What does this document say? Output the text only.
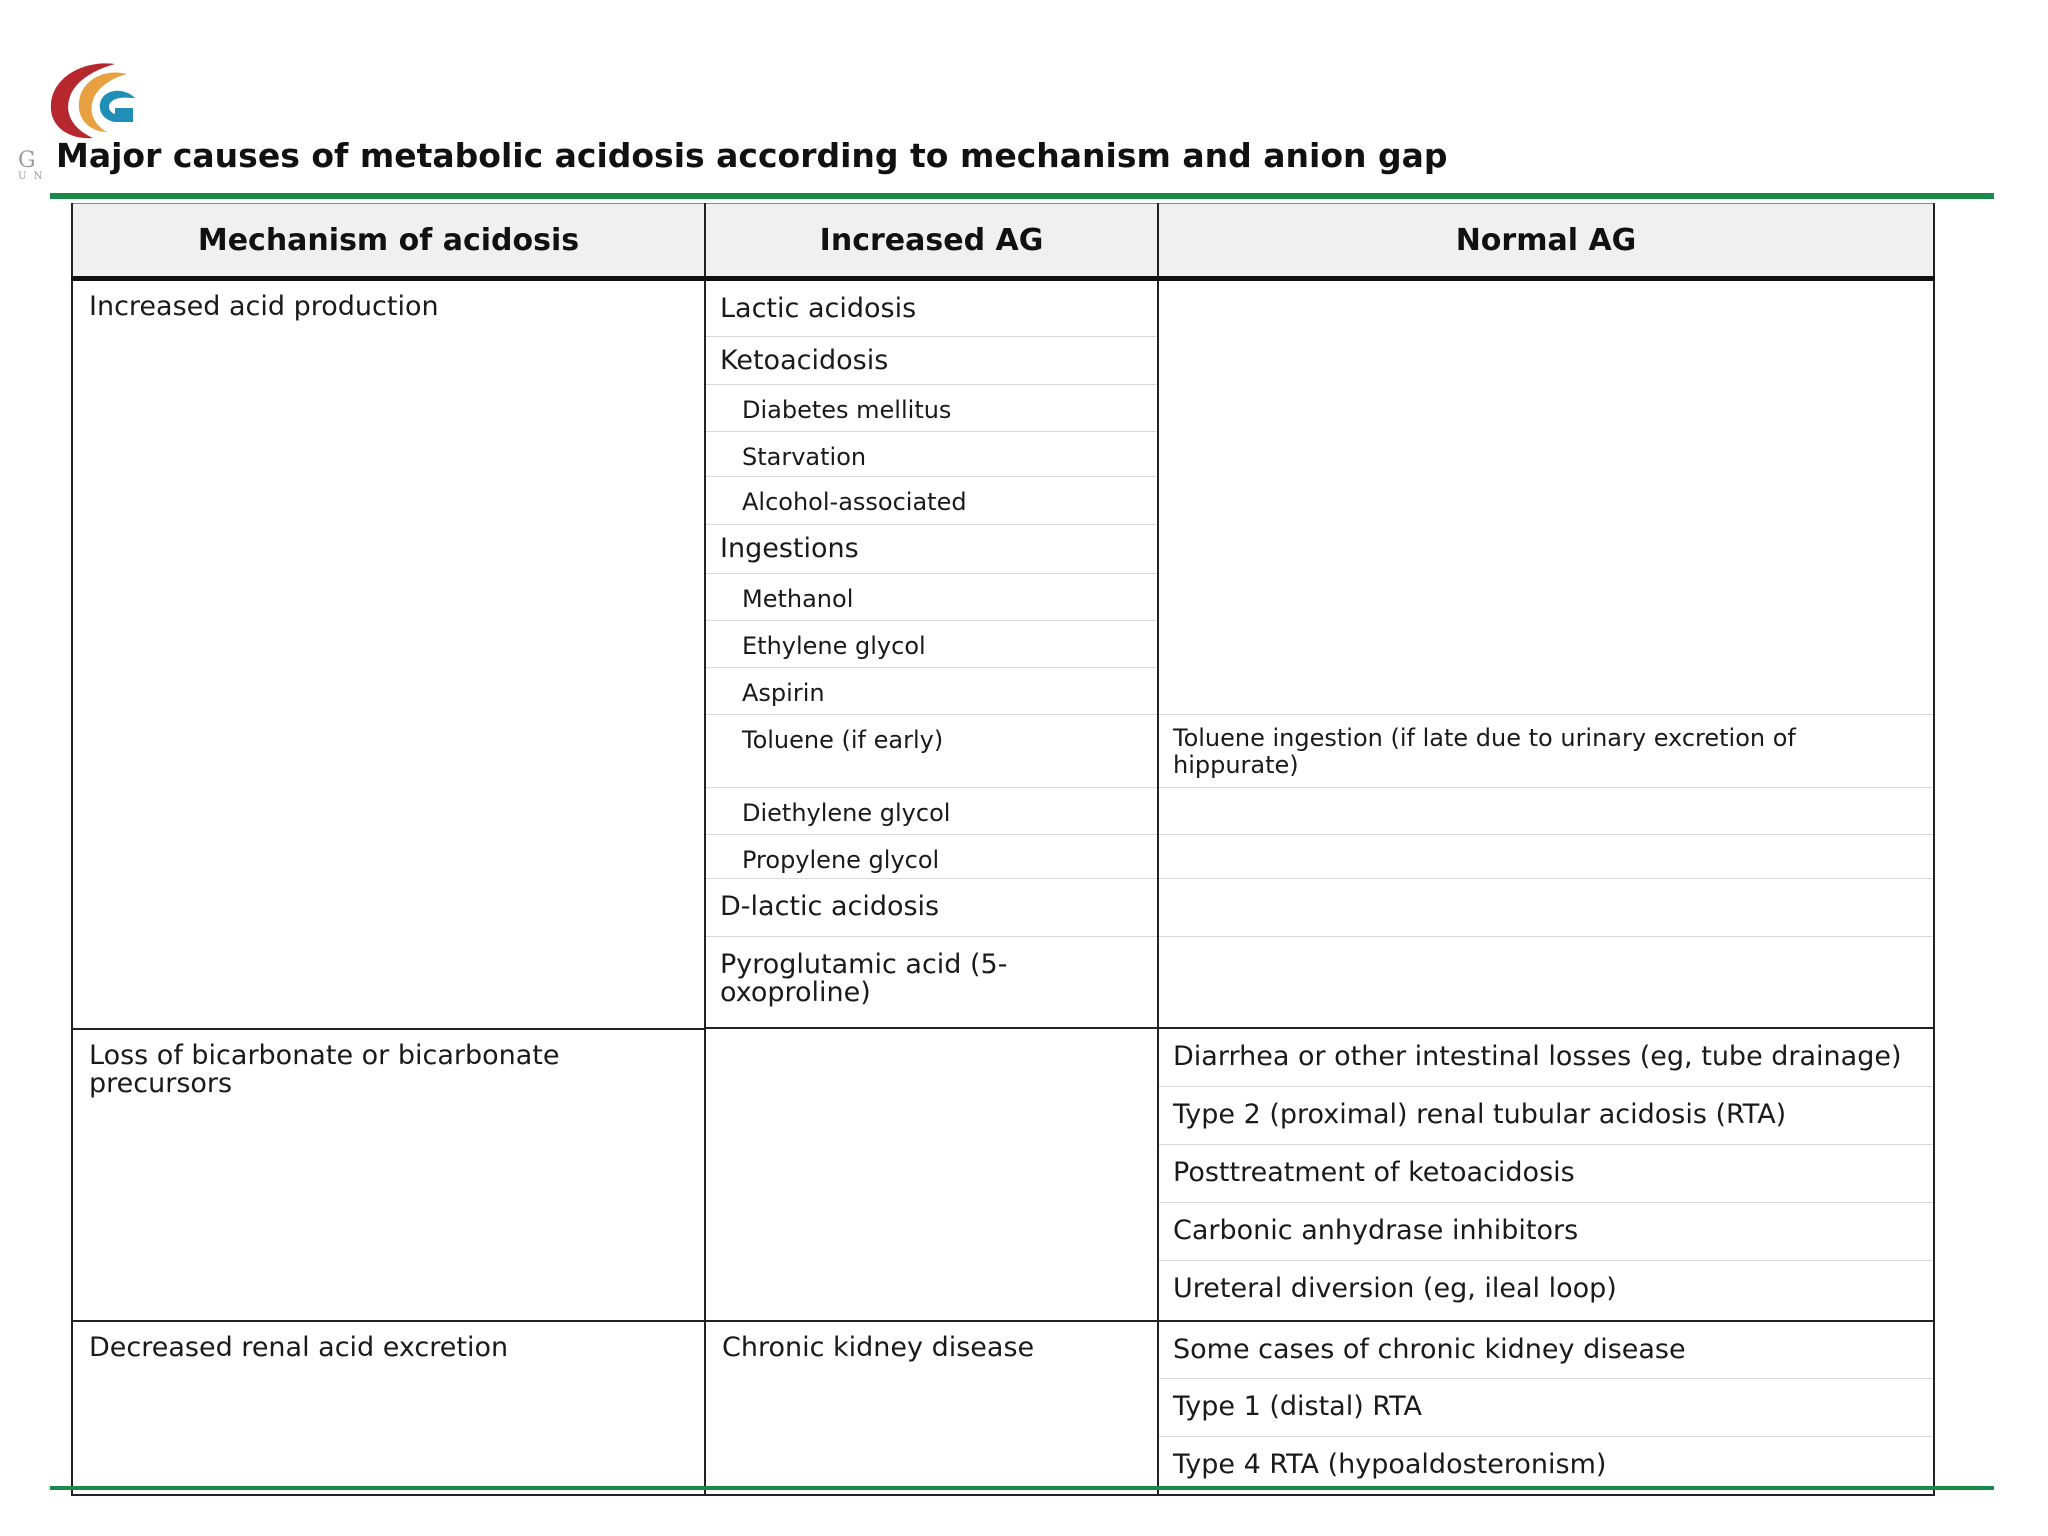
G
U N
Major causes of metabolic acidosis according to mechanism and anion gap
Mechanism of acidosis	Increased AG	Normal AG
Increased acid production	Lactic acidosis	
	Ketoacidosis	
	Diabetes mellitus	
	Starvation	
	Alcohol-associated	
	Ingestions	
	Methanol	
	Ethylene glycol	
	Aspirin	
	Toluene (if early)	Toluene ingestion (if late due to urinary excretion of hippurate)
	Diethylene glycol	
	Propylene glycol	
	D-lactic acidosis	
	Pyroglutamic acid (5-oxoproline)	

Loss of bicarbonate or bicarbonate precursors		Diarrhea or other intestinal losses (eg, tube drainage)
		Type 2 (proximal) renal tubular acidosis (RTA)
		Posttreatment of ketoacidosis
		Carbonic anhydrase inhibitors
		Ureteral diversion (eg, ileal loop)
Decreased renal acid excretion	Chronic kidney disease	Some cases of chronic kidney disease
		Type 1 (distal) RTA
		Type 4 RTA (hypoaldosteronism)
